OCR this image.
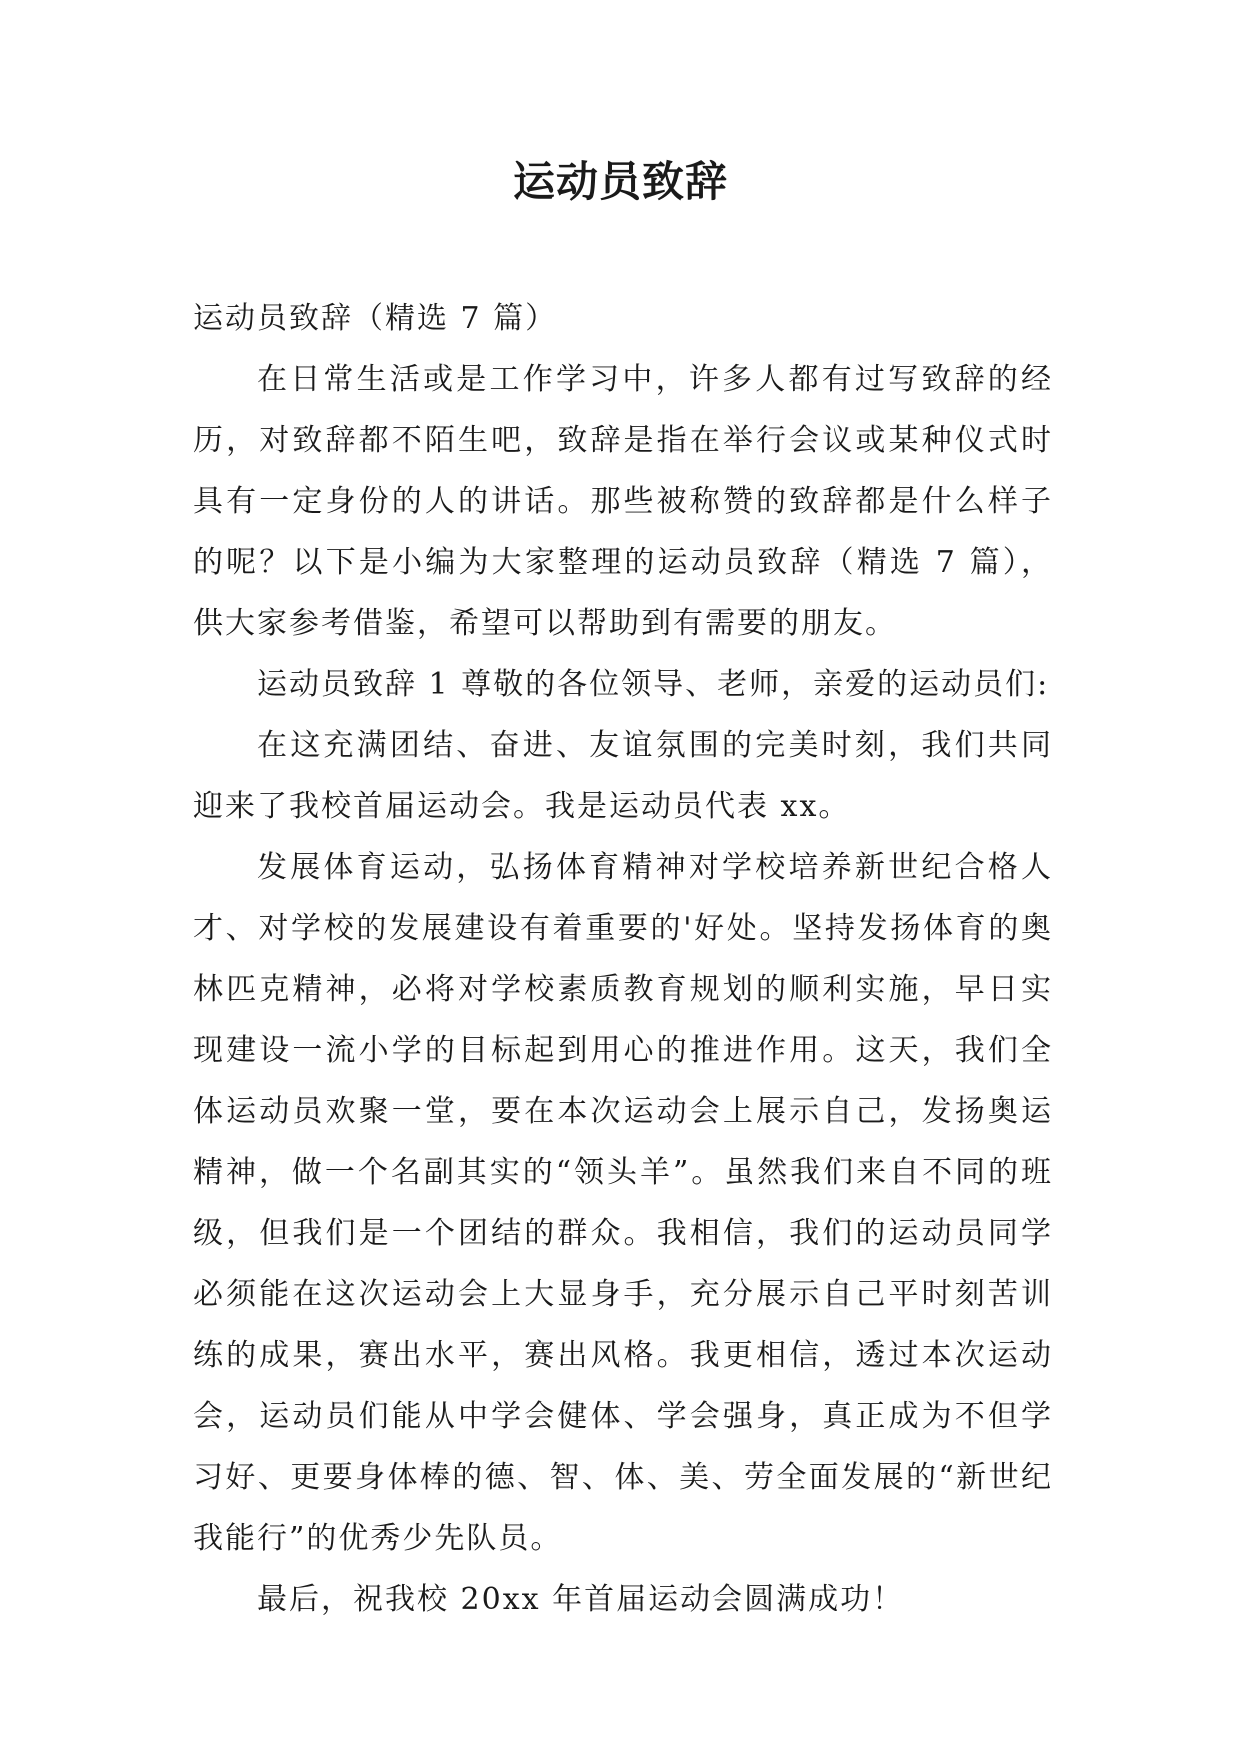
运动员致辞

运动员致辞（精选 7 篇）

在日常生活或是工作学习中，许多人都有过写致辞的经历，对致辞都不陌生吧，致辞是指在举行会议或某种仪式时具有一定身份的人的讲话。那些被称赞的致辞都是什么样子的呢？以下是小编为大家整理的运动员致辞（精选 7 篇），供大家参考借鉴，希望可以帮助到有需要的朋友。

运动员致辞 1 尊敬的各位领导、老师，亲爱的运动员们:

在这充满团结、奋进、友谊氛围的完美时刻，我们共同迎来了我校首届运动会。我是运动员代表 xx。

发展体育运动，弘扬体育精神对学校培养新世纪合格人才、对学校的发展建设有着重要的'好处。坚持发扬体育的奥林匹克精神，必将对学校素质教育规划的顺利实施，早日实现建设一流小学的目标起到用心的推进作用。这天，我们全体运动员欢聚一堂，要在本次运动会上展示自己，发扬奥运精神，做一个名副其实的“领头羊”。虽然我们来自不同的班级，但我们是一个团结的群众。我相信，我们的运动员同学必须能在这次运动会上大显身手，充分展示自己平时刻苦训练的成果，赛出水平，赛出风格。我更相信，透过本次运动会，运动员们能从中学会健体、学会强身，真正成为不但学习好、更要身体棒的德、智、体、美、劳全面发展的“新世纪我能行”的优秀少先队员。

最后，祝我校 20xx 年首届运动会圆满成功！
